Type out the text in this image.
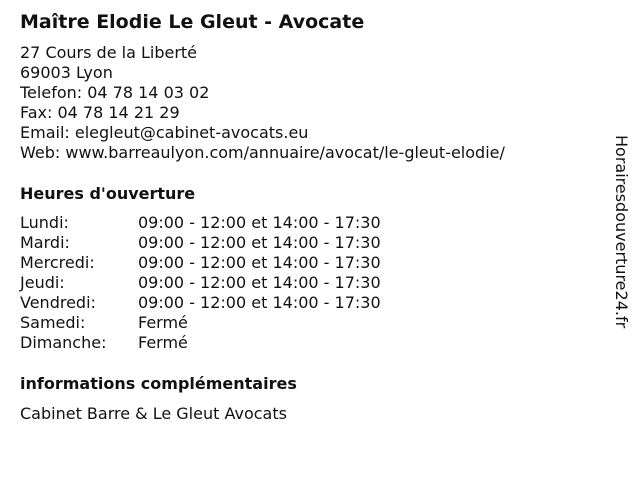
Maître Elodie Le Gleut - Avocate
27 Cours de la Liberté
69003 Lyon
Telefon: 04 78 14 03 02
Fax: 04 78 14 21 29
Email: elegleut@cabinet-avocats.eu
Web: www.barreaulyon.com/annuaire/avocat/le-gleut-elodie/
Heures d'ouverture
Lundi:	09:00 - 12:00 et 14:00 - 17:30
Mardi:	09:00 - 12:00 et 14:00 - 17:30
Mercredi:	09:00 - 12:00 et 14:00 - 17:30
Jeudi:	09:00 - 12:00 et 14:00 - 17:30
Vendredi:	09:00 - 12:00 et 14:00 - 17:30
Samedi:	Fermé
Dimanche: Fermé
informations complémentaires
Cabinet Barre & Le Gleut Avocats
Horairesdouverture24.fr
